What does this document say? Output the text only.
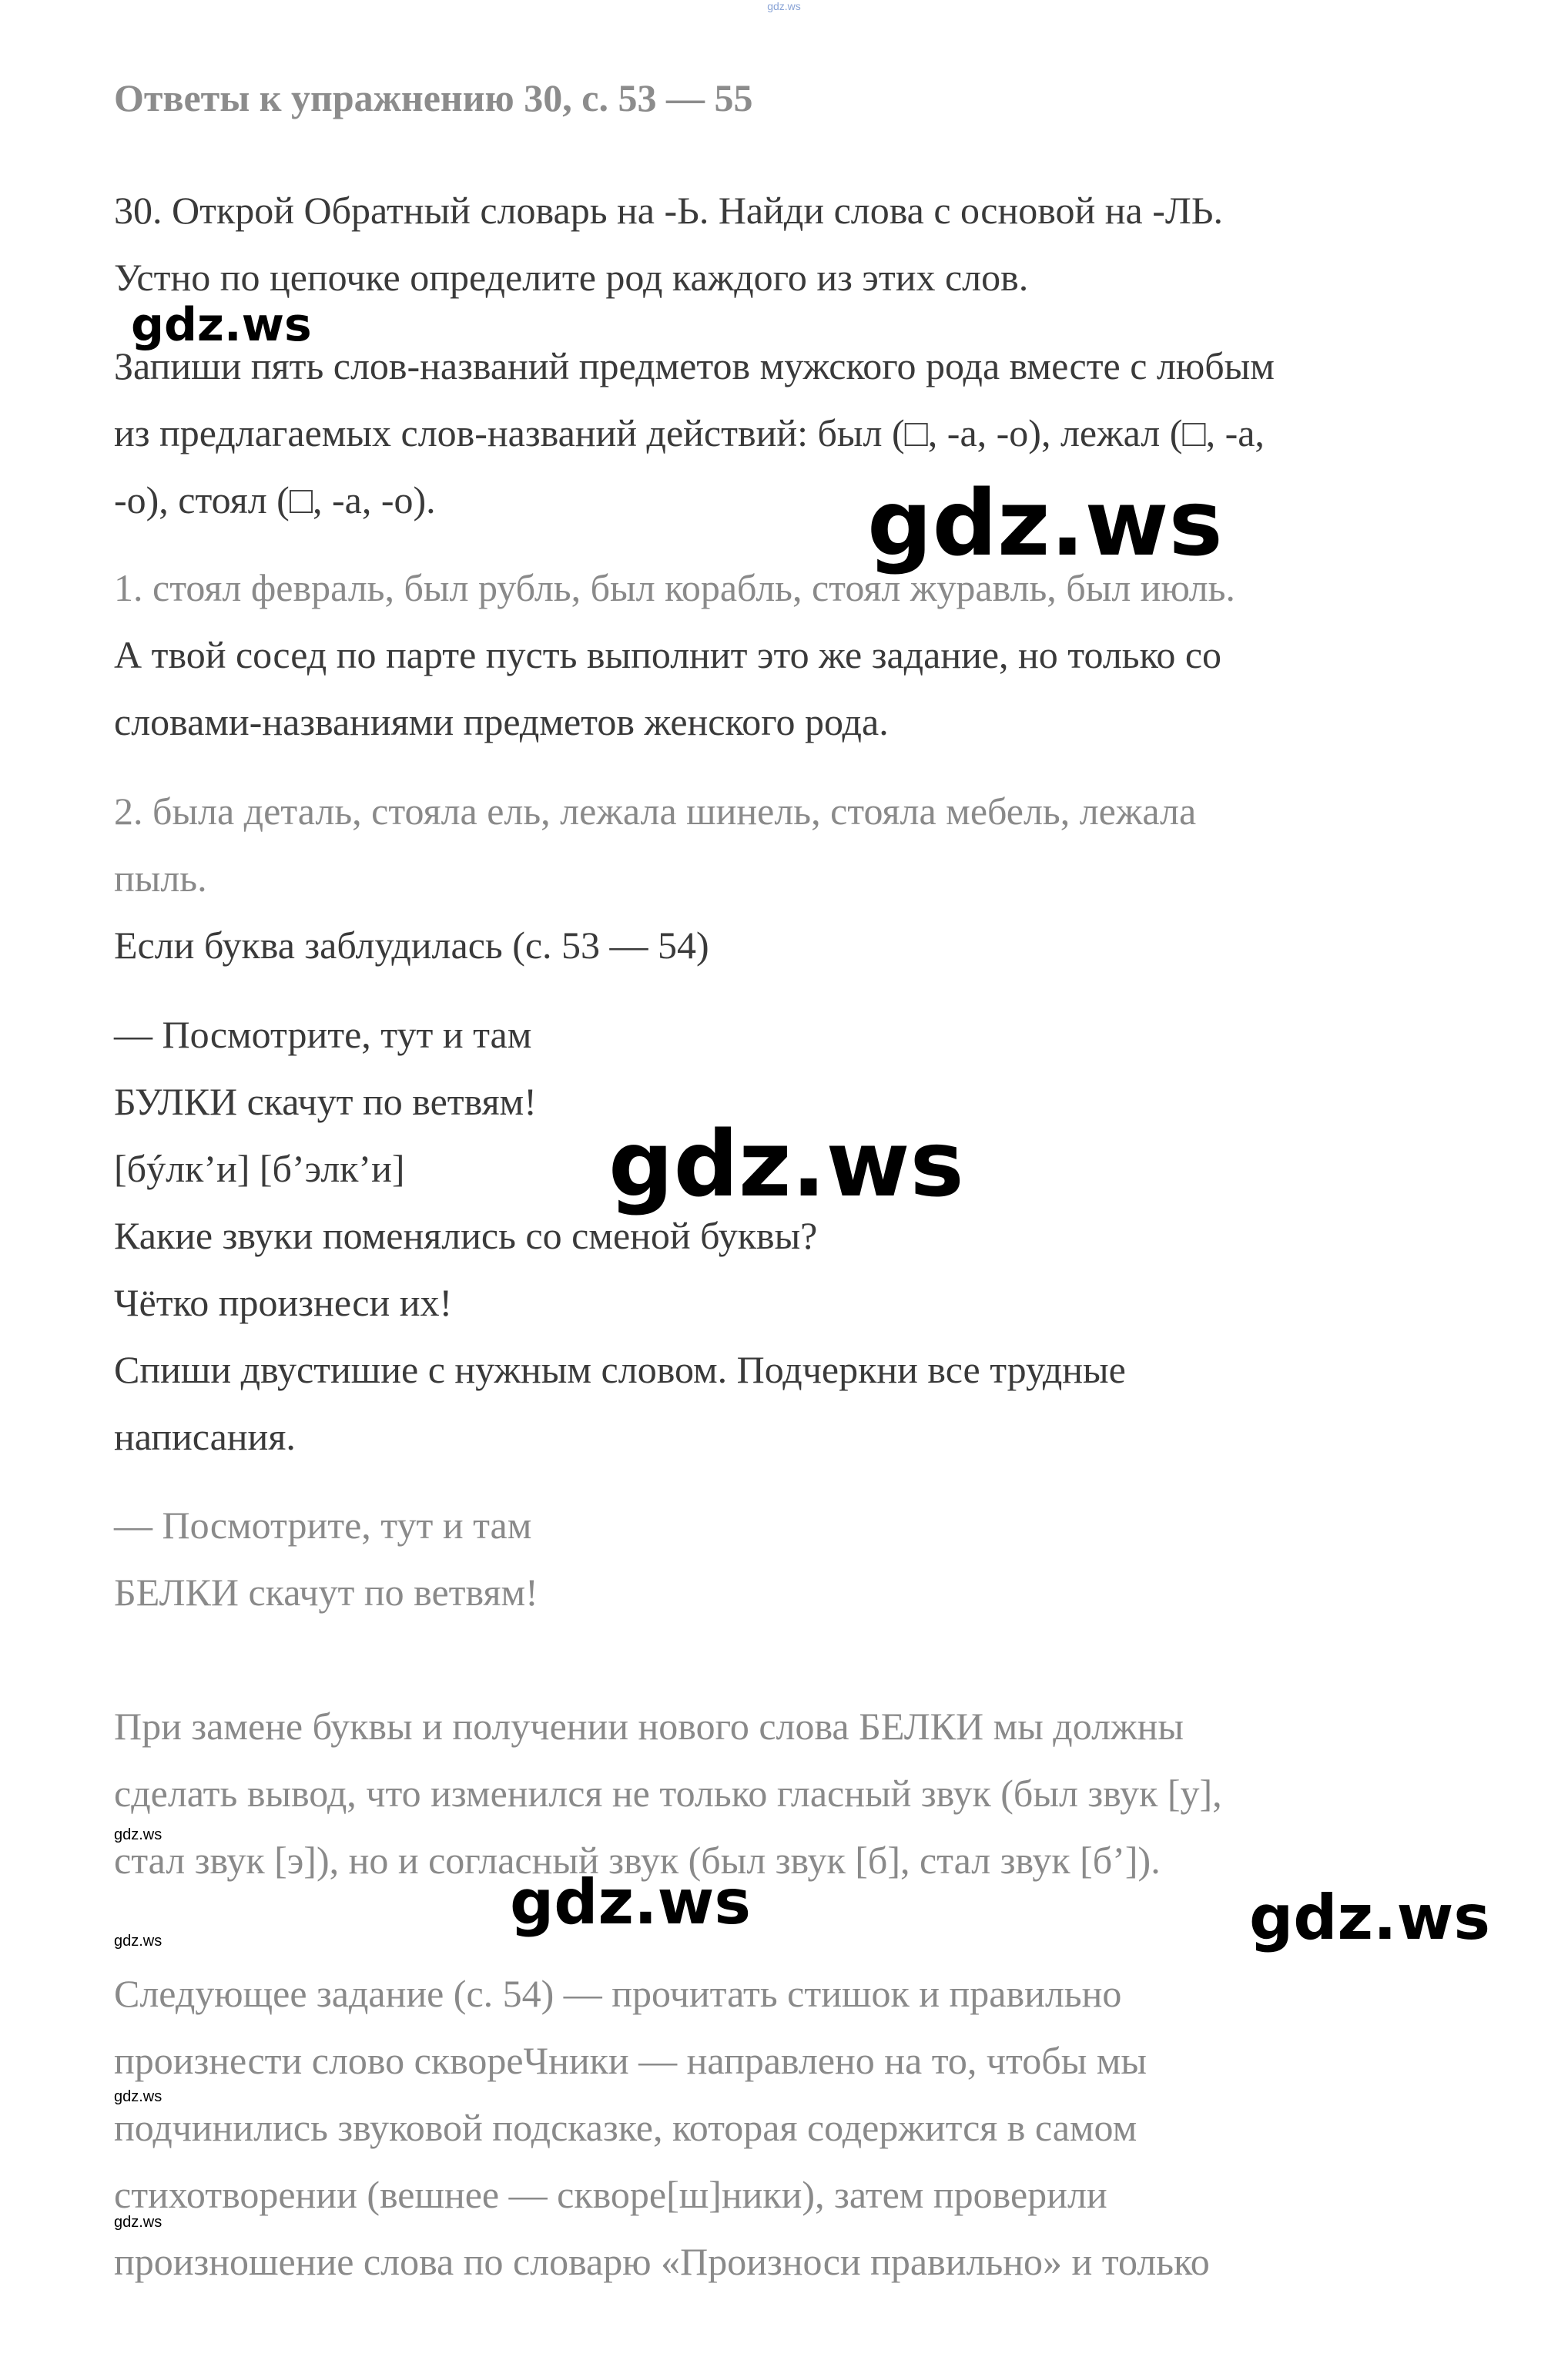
gdz.ws
Ответы к упражнению 30, с. 53 — 55
30. Открой Обратный словарь на -Ь. Найди слова с основой на -ЛЬ.
Устно по цепочке определите род каждого из этих слов.
Запиши пять слов-названий предметов мужского рода вместе с любым
из предлагаемых слов-названий действий: был (□, -а, -о), лежал (□, -а,
-о), стоял (□, -а, -о).
1. стоял февраль, был рубль, был корабль, стоял журавль, был июль.
А твой сосед по парте пусть выполнит это же задание, но только со
словами-названиями предметов женского рода.
2. была деталь, стояла ель, лежала шинель, стояла мебель, лежала
пыль.
Если буква заблудилась (с. 53 — 54)
— Посмотрите, тут и там
БУЛКИ скачут по ветвям!
[бýлк’и] [б’элк’и]
Какие звуки поменялись со сменой буквы?
Чётко произнеси их!
Спиши двустишие с нужным словом. Подчеркни все трудные
написания.
— Посмотрите, тут и там
БЕЛКИ скачут по ветвям!
При замене буквы и получении нового слова БЕЛКИ мы должны
сделать вывод, что изменился не только гласный звук (был звук [у],
стал звук [э]), но и согласный звук (был звук [б], стал звук [б’]).
Следующее задание (с. 54) — прочитать стишок и правильно
произнести слово скворeЧники — направлено на то, чтобы мы
подчинились звуковой подсказке, которая содержится в самом
стихотворении (вешнее — сквоpe[ш]ники), затем проверили
произношение слова по словарю «Произноси правильно» и только
gdz.ws
gdz.ws
gdz.ws
gdz.ws	gdz.ws
gdz.ws
gdz.ws
gdz.ws
gdz.ws
